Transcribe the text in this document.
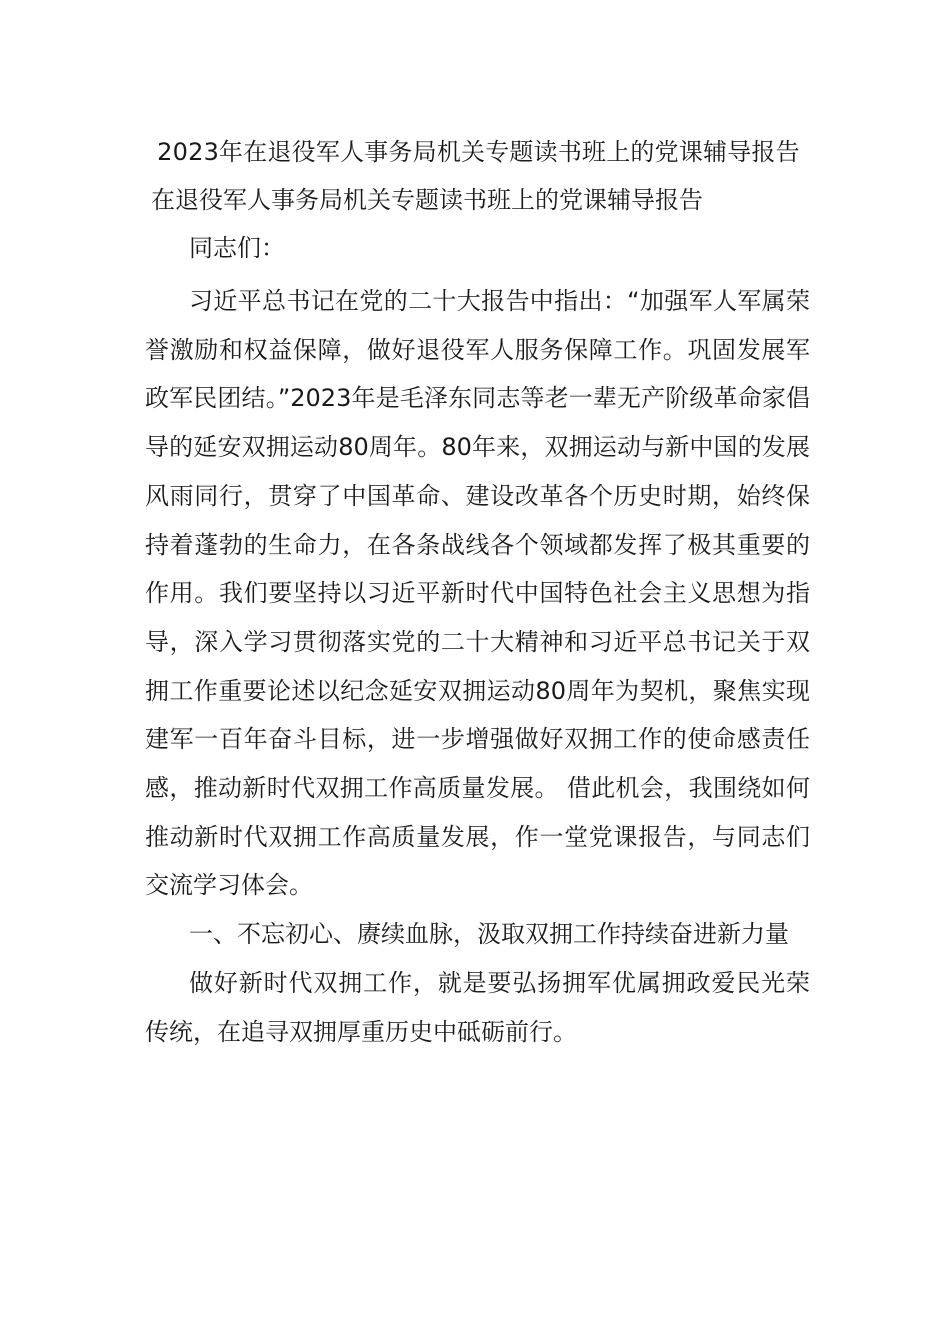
2023年在退役军人事务局机关专题读书班上的党课辅导报告

在退役军人事务局机关专题读书班上的党课辅导报告

同志们：

习近平总书记在党的二十大报告中指出：“加强军人军属荣誉激励和权益保障，做好退役军人服务保障工作。巩固发展军政军民团结。”2023年是毛泽东同志等老一辈无产阶级革命家倡导的延安双拥运动80周年。80年来，双拥运动与新中国的发展风雨同行，贯穿了中国革命、建设改革各个历史时期，始终保持着蓬勃的生命力，在各条战线各个领域都发挥了极其重要的作用。我们要坚持以习近平新时代中国特色社会主义思想为指导，深入学习贯彻落实党的二十大精神和习近平总书记关于双拥工作重要论述以纪念延安双拥运动80周年为契机，聚焦实现建军一百年奋斗目标，进一步增强做好双拥工作的使命感责任感，推动新时代双拥工作高质量发展。 借此机会，我围绕如何推动新时代双拥工作高质量发展，作一堂党课报告，与同志们交流学习体会。

一、不忘初心、赓续血脉，汲取双拥工作持续奋进新力量

做好新时代双拥工作，就是要弘扬拥军优属拥政爱民光荣传统，在追寻双拥厚重历史中砥砺前行。
